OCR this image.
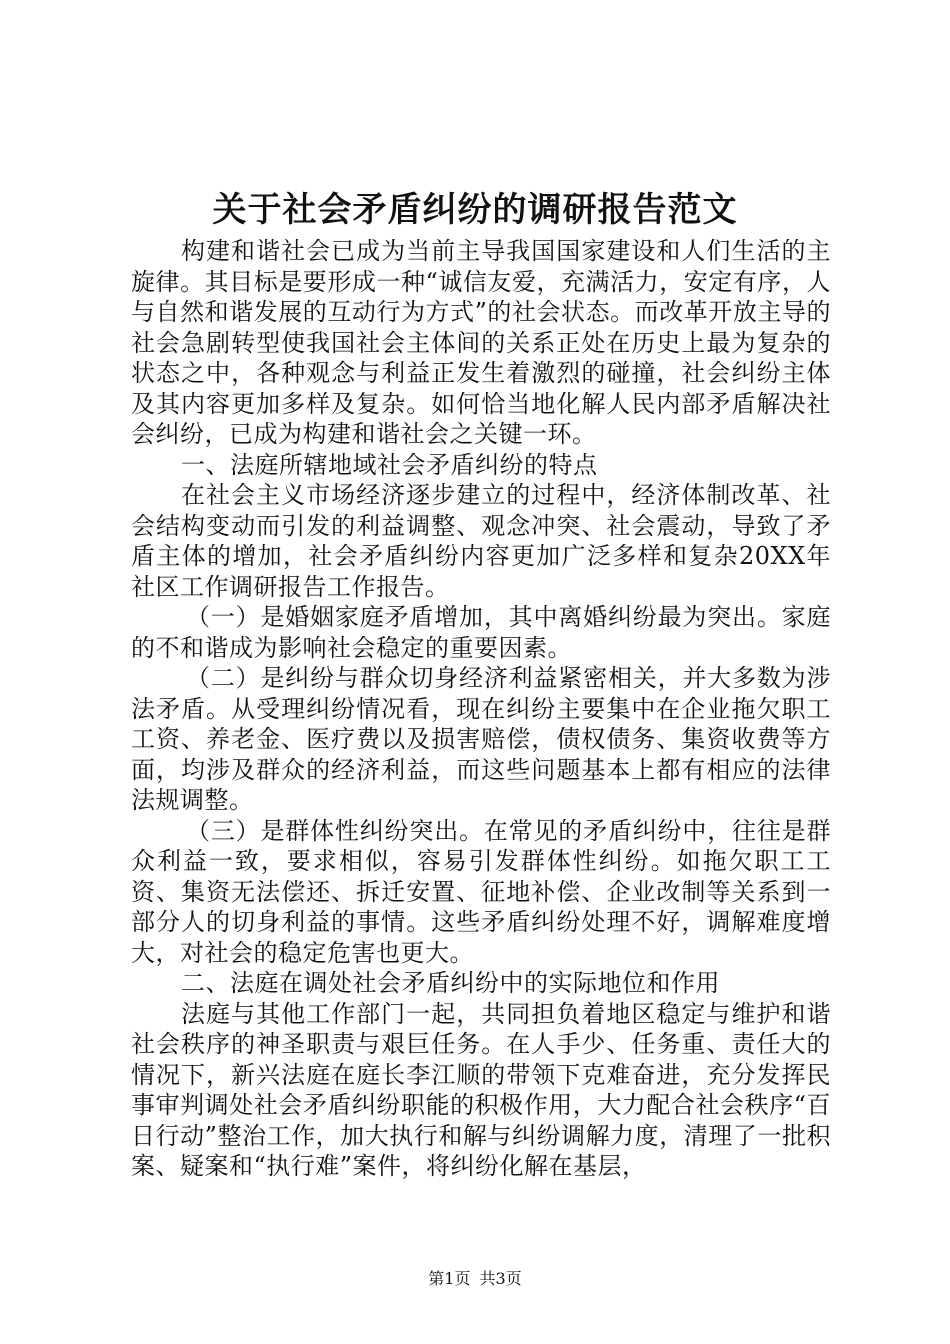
关于社会矛盾纠纷的调研报告范文

构建和谐社会已成为当前主导我国国家建设和人们生活的主旋律。其目标是要形成一种“诚信友爱，充满活力，安定有序，人与自然和谐发展的互动行为方式”的社会状态。而改革开放主导的社会急剧转型使我国社会主体间的关系正处在历史上最为复杂的状态之中，各种观念与利益正发生着激烈的碰撞，社会纠纷主体及其内容更加多样及复杂。如何恰当地化解人民内部矛盾解决社会纠纷，已成为构建和谐社会之关键一环。

一、法庭所辖地域社会矛盾纠纷的特点

在社会主义市场经济逐步建立的过程中，经济体制改革、社会结构变动而引发的利益调整、观念冲突、社会震动，导致了矛盾主体的增加，社会矛盾纠纷内容更加广泛多样和复杂20XX年社区工作调研报告工作报告。

（一）是婚姻家庭矛盾增加，其中离婚纠纷最为突出。家庭的不和谐成为影响社会稳定的重要因素。

（二）是纠纷与群众切身经济利益紧密相关，并大多数为涉法矛盾。从受理纠纷情况看，现在纠纷主要集中在企业拖欠职工工资、养老金、医疗费以及损害赔偿，债权债务、集资收费等方面，均涉及群众的经济利益，而这些问题基本上都有相应的法律法规调整。

（三）是群体性纠纷突出。在常见的矛盾纠纷中，往往是群众利益一致，要求相似，容易引发群体性纠纷。如拖欠职工工资、集资无法偿还、拆迁安置、征地补偿、企业改制等关系到一部分人的切身利益的事情。这些矛盾纠纷处理不好，调解难度增大，对社会的稳定危害也更大。

二、法庭在调处社会矛盾纠纷中的实际地位和作用

法庭与其他工作部门一起，共同担负着地区稳定与维护和谐社会秩序的神圣职责与艰巨任务。在人手少、任务重、责任大的情况下，新兴法庭在庭长李江顺的带领下克难奋进，充分发挥民事审判调处社会矛盾纠纷职能的积极作用，大力配合社会秩序“百日行动”整治工作，加大执行和解与纠纷调解力度，清理了一批积案、疑案和“执行难”案件，将纠纷化解在基层，

第1页 共3页
